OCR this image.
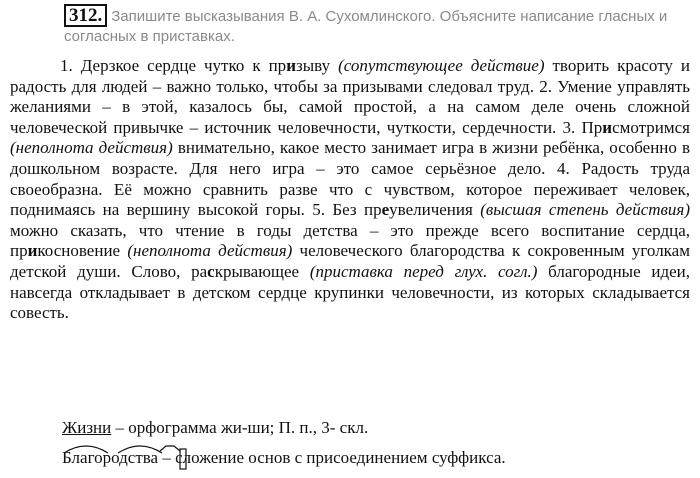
312. Запишите высказывания В. А. Сухомлинского. Объясните написание гласных и согласных в приставках.

1. Дерзкое сердце чутко к призыву (сопутствующее действие) творить красоту и радость для людей – важно только, чтобы за призывами следовал труд. 2. Умение управлять желаниями – в этой, казалось бы, самой простой, а на самом деле очень сложной человеческой привычке – источник человечности, чуткости, сердечности. 3. Присмотримся (неполнота действия) внимательно, какое место занимает игра в жизни ребёнка, особенно в дошкольном возрасте. Для него игра – это самое серьёзное дело. 4. Радость труда своеобразна. Её можно сравнить разве что с чувством, которое переживает человек, поднимаясь на вершину высокой горы. 5. Без преувеличения (высшая степень действия) можно сказать, что чтение в годы детства – это прежде всего воспитание сердца, прикосновение (неполнота действия) человеческого благородства к сокровенным уголкам детской души. Слово, раскрывающее (приставка перед глух. согл.) благородные идеи, навсегда откладывает в детском сердце крупинки человечности, из которых складывается совесть.

Жизни – орфограмма жи-ши; П. п., 3- скл.
Благородства – сложение основ с присоединением суффикса.
